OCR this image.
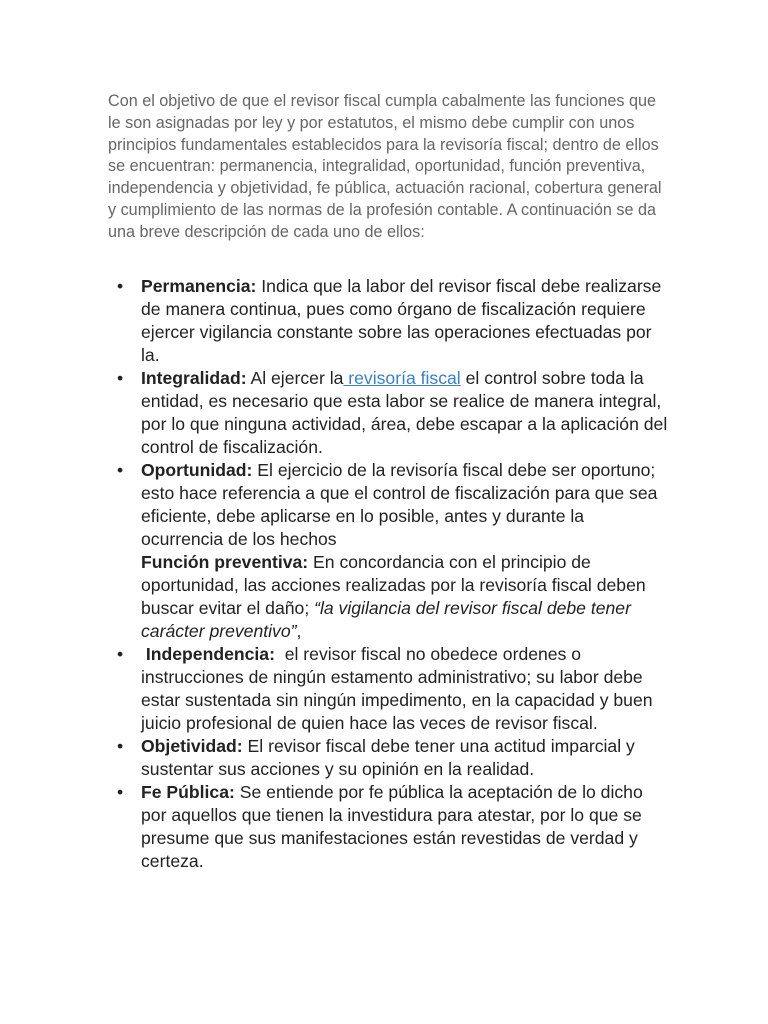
Con el objetivo de que el revisor fiscal cumpla cabalmente las funciones que le son asignadas por ley y por estatutos, el mismo debe cumplir con unos principios fundamentales establecidos para la revisoría fiscal; dentro de ellos se encuentran: permanencia, integralidad, oportunidad, función preventiva, independencia y objetividad, fe pública, actuación racional, cobertura general y cumplimiento de las normas de la profesión contable. A continuación se da una breve descripción de cada uno de ellos:

• Permanencia: Indica que la labor del revisor fiscal debe realizarse de manera continua, pues como órgano de fiscalización requiere ejercer vigilancia constante sobre las operaciones efectuadas por la.
• Integralidad: Al ejercer la revisoría fiscal el control sobre toda la entidad, es necesario que esta labor se realice de manera integral, por lo que ninguna actividad, área, debe escapar a la aplicación del control de fiscalización.
• Oportunidad: El ejercicio de la revisoría fiscal debe ser oportuno; esto hace referencia a que el control de fiscalización para que sea eficiente, debe aplicarse en lo posible, antes y durante la ocurrencia de los hechos
Función preventiva: En concordancia con el principio de oportunidad, las acciones realizadas por la revisoría fiscal deben buscar evitar el daño; “la vigilancia del revisor fiscal debe tener carácter preventivo”,
• Independencia:  el revisor fiscal no obedece ordenes o instrucciones de ningún estamento administrativo; su labor debe estar sustentada sin ningún impedimento, en la capacidad y buen juicio profesional de quien hace las veces de revisor fiscal.
• Objetividad: El revisor fiscal debe tener una actitud imparcial y sustentar sus acciones y su opinión en la realidad.
• Fe Pública: Se entiende por fe pública la aceptación de lo dicho por aquellos que tienen la investidura para atestar, por lo que se presume que sus manifestaciones están revestidas de verdad y certeza.
